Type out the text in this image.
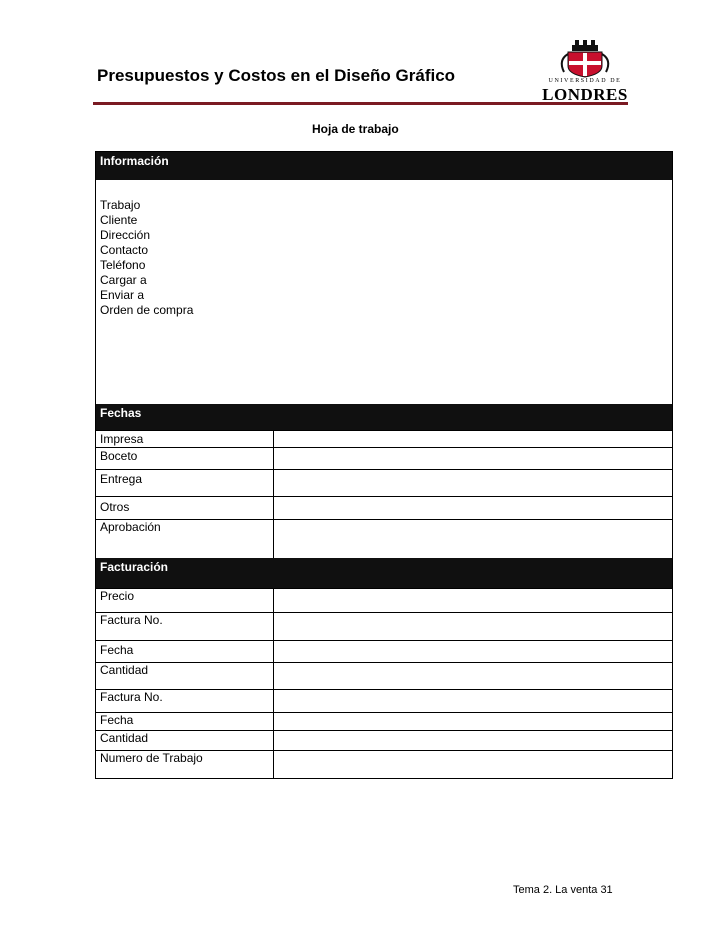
Presupuestos y Costos en el Diseño Gráfico	UNIVERSIDAD DE
LONDRES
Hoja de trabajo
Información
Trabajo
Cliente
Dirección
Contacto
Teléfono
Cargar a
Enviar a
Orden de compra
Fechas
Impresa
Boceto
Entrega
Otros
Aprobación
Facturación
Precio
Factura No.
Fecha
Cantidad
Factura No.
Fecha
Cantidad
Numero de Trabajo
Tema 2. La venta 31
